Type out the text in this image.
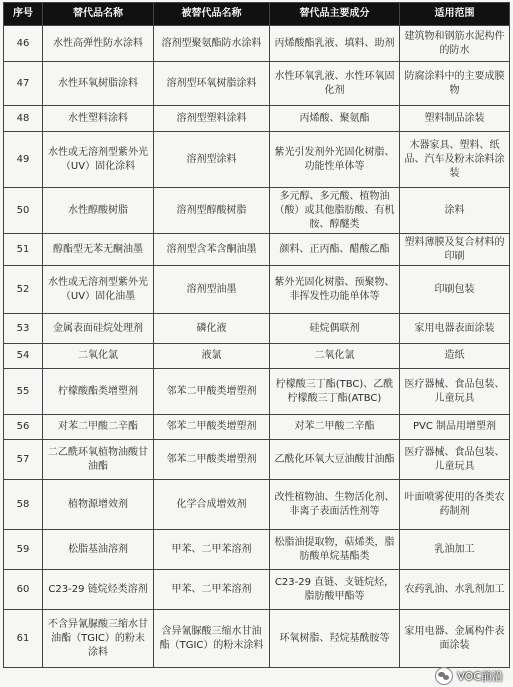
序号	替代品名称	被替代品名称	替代品主要成分	适用范围
46	水性高弹性防水涂料	溶剂型聚氨酯防水涂料	丙烯酸酯乳液、填料、助剂	建筑物和钢筋水泥构件的防水
47	水性环氧树脂涂料	溶剂型环氧树脂涂料	水性环氧乳液、水性环氧固化剂	防腐涂料中的主要成膜物
48	水性塑料涂料	溶剂型塑料涂料	丙烯酸、聚氨酯	塑料制品涂装
49	水性或无溶剂型紫外光（UV）固化涂料	溶剂型涂料	紫光引发剂外光固化树脂、功能性单体等	木器家具、塑料、纸品、汽车及粉末涂料涂装
50	水性醇酸树脂	溶剂型醇酸树脂	多元醇、多元酸、植物油（酸）或其他脂肪酸、有机胺、醇醚类	涂料
51	醇酯型无苯无酮油墨	溶剂型含苯含酮油墨	颜料、正丙酯、醋酸乙酯	塑料薄膜及复合材料的印刷
52	水性或无溶剂型紫外光（UV）固化油墨	溶剂型油墨	紫外光固化树脂、预聚物、非挥发性功能单体等	印刷包装
53	金属表面硅烷处理剂	磷化液	硅烷偶联剂	家用电器表面涂装
54	二氧化氯	液氯	二氧化氯	造纸
55	柠檬酸酯类增塑剂	邻苯二甲酸类增塑剂	柠檬酸三丁酯(TBC)、乙酰柠檬酸三丁酯(ATBC)	医疗器械、食品包装、儿童玩具
56	对苯二甲酸二辛酯	邻苯二甲酸类增塑剂	对苯二甲酸二辛酯	PVC 制品用增塑剂
57	二乙酰环氧植物油酸甘油酯	邻苯二甲酸类增塑剂	乙酰化环氧大豆油酸甘油酯	医疗器械、食品包装、儿童玩具
58	植物源增效剂	化学合成增效剂	改性植物油、生物活化剂、非离子表面活性剂等	叶面喷雾使用的各类农药制剂
59	松脂基油溶剂	甲苯、二甲苯溶剂	松脂油提取物，萜烯类，脂肪酸单烷基酯类	乳油加工
60	C23-29 链烷烃类溶剂	甲苯、二甲苯溶剂	C23-29 直链、支链烷烃，脂肪酸甲酯等	农药乳油、水乳剂加工
61	不含异氰脲酸三缩水甘油酯（TGIC）的粉末涂料	含异氰脲酸三缩水甘油酯（TGIC）的粉末涂料	环氧树脂、羟烷基酰胺等	家用电器、金属构件表面涂装
VOC前沿
